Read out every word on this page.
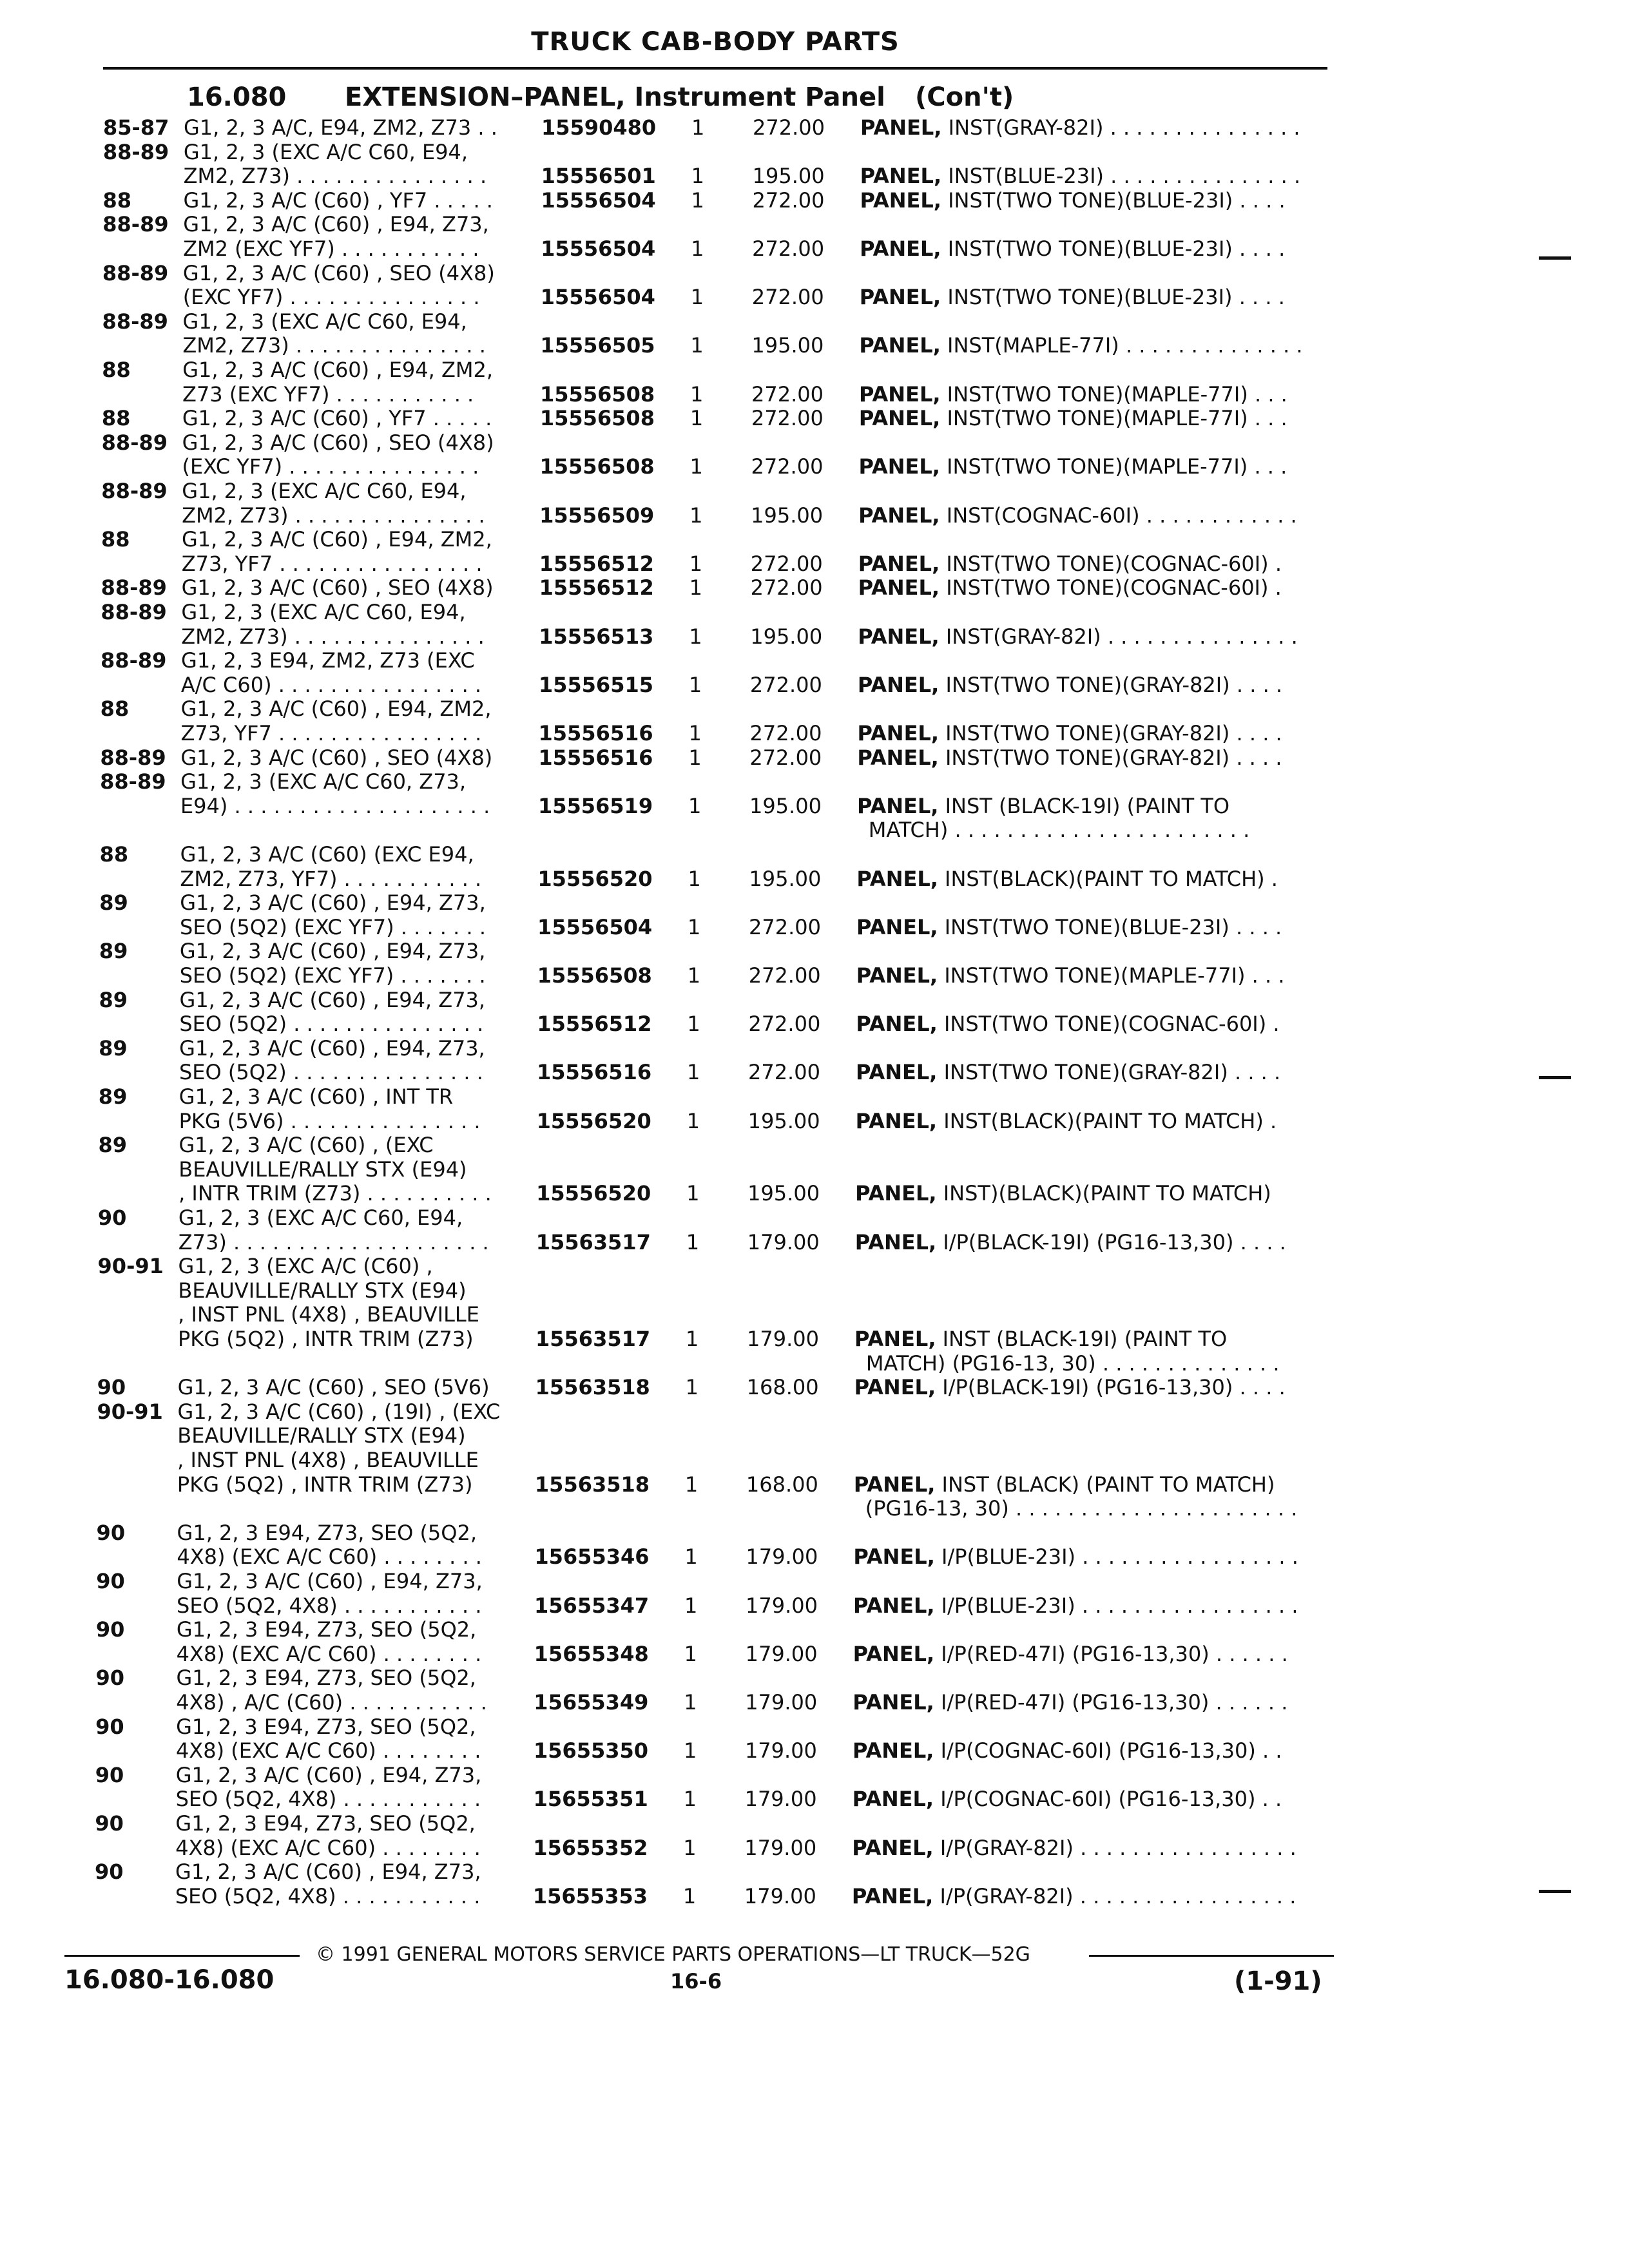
TRUCK CAB-BODY PARTS
16.080 EXTENSION–PANEL, Instrument Panel (Con't)
85-87 G1, 2, 3 A/C, E94, ZM2, Z73 . . 15590480 1 272.00 PANEL, INST(GRAY-82I) . . . . . . . . . . . . . . .
88-89 G1, 2, 3 (EXC A/C C60, E94,
ZM2, Z73) . . . . . . . . . . . . . . .	15556501 1 195.00 PANEL, INST(BLUE-23I) . . . . . . . . . . . . . . .
88	G1, 2, 3 A/C (C60) , YF7 . . . . . 15556504 1 272.00 PANEL, INST(TWO TONE)(BLUE-23I) . . . .
88-89 G1, 2, 3 A/C (C60) , E94, Z73,
ZM2 (EXC YF7) . . . . . . . . . . .	15556504 1 272.00 PANEL, INST(TWO TONE)(BLUE-23I) . . . .
88-89 G1, 2, 3 A/C (C60) , SEO (4X8)
(EXC YF7) . . . . . . . . . . . . . . .	15556504 1 272.00 PANEL, INST(TWO TONE)(BLUE-23I) . . . .
88-89 G1, 2, 3 (EXC A/C C60, E94,
ZM2, Z73) . . . . . . . . . . . . . . .	15556505 1 195.00 PANEL, INST(MAPLE-77I) . . . . . . . . . . . . . .
88	G1, 2, 3 A/C (C60) , E94, ZM2,
Z73 (EXC YF7) . . . . . . . . . . .	15556508 1 272.00 PANEL, INST(TWO TONE)(MAPLE-77I) . . .
88	G1, 2, 3 A/C (C60) , YF7 . . . . . 15556508 1 272.00 PANEL, INST(TWO TONE)(MAPLE-77I) . . .
88-89 G1, 2, 3 A/C (C60) , SEO (4X8)
(EXC YF7) . . . . . . . . . . . . . . .	15556508 1 272.00 PANEL, INST(TWO TONE)(MAPLE-77I) . . .
88-89 G1, 2, 3 (EXC A/C C60, E94,
ZM2, Z73) . . . . . . . . . . . . . . .	15556509 1 195.00 PANEL, INST(COGNAC-60I) . . . . . . . . . . . .
88	G1, 2, 3 A/C (C60) , E94, ZM2,
Z73, YF7 . . . . . . . . . . . . . . . .	15556512 1 272.00 PANEL, INST(TWO TONE)(COGNAC-60I) .
88-89 G1, 2, 3 A/C (C60) , SEO (4X8) 15556512 1 272.00 PANEL, INST(TWO TONE)(COGNAC-60I) .
88-89 G1, 2, 3 (EXC A/C C60, E94,
ZM2, Z73) . . . . . . . . . . . . . . .	15556513 1 195.00 PANEL, INST(GRAY-82I) . . . . . . . . . . . . . . .
88-89 G1, 2, 3 E94, ZM2, Z73 (EXC
A/C C60) . . . . . . . . . . . . . . . .	15556515 1 272.00 PANEL, INST(TWO TONE)(GRAY-82I) . . . .
88	G1, 2, 3 A/C (C60) , E94, ZM2,
Z73, YF7 . . . . . . . . . . . . . . . .	15556516 1 272.00 PANEL, INST(TWO TONE)(GRAY-82I) . . . .
88-89 G1, 2, 3 A/C (C60) , SEO (4X8) 15556516 1 272.00 PANEL, INST(TWO TONE)(GRAY-82I) . . . .
88-89 G1, 2, 3 (EXC A/C C60, Z73,
E94) . . . . . . . . . . . . . . . . . . . . 15556519 1 195.00 PANEL, INST (BLACK-19I) (PAINT TO
MATCH) . . . . . . . . . . . . . . . . . . . . . . .
88	G1, 2, 3 A/C (C60) (EXC E94,
ZM2, Z73, YF7) . . . . . . . . . . .	15556520 1 195.00 PANEL, INST(BLACK)(PAINT TO MATCH) .
89	G1, 2, 3 A/C (C60) , E94, Z73,
SEO (5Q2) (EXC YF7) . . . . . . .	15556504 1 272.00 PANEL, INST(TWO TONE)(BLUE-23I) . . . .
89	G1, 2, 3 A/C (C60) , E94, Z73,
SEO (5Q2) (EXC YF7) . . . . . . .	15556508 1 272.00 PANEL, INST(TWO TONE)(MAPLE-77I) . . .
89	G1, 2, 3 A/C (C60) , E94, Z73,
SEO (5Q2) . . . . . . . . . . . . . . .	15556512 1 272.00 PANEL, INST(TWO TONE)(COGNAC-60I) .
89	G1, 2, 3 A/C (C60) , E94, Z73,
SEO (5Q2) . . . . . . . . . . . . . . .	15556516 1 272.00 PANEL, INST(TWO TONE)(GRAY-82I) . . . .
89	G1, 2, 3 A/C (C60) , INT TR
PKG (5V6) . . . . . . . . . . . . . . .	15556520 1 195.00 PANEL, INST(BLACK)(PAINT TO MATCH) .
89	G1, 2, 3 A/C (C60) , (EXC
BEAUVILLE/RALLY STX (E94)
, INTR TRIM (Z73) . . . . . . . . . . 15556520 1 195.00 PANEL, INST)(BLACK)(PAINT TO MATCH)
90	G1, 2, 3 (EXC A/C C60, E94,
Z73) . . . . . . . . . . . . . . . . . . . . 15563517 1 179.00 PANEL, I/P(BLACK-19I) (PG16-13,30) . . . .
90-91 G1, 2, 3 (EXC A/C (C60) ,
BEAUVILLE/RALLY STX (E94)
, INST PNL (4X8) , BEAUVILLE
PKG (5Q2) , INTR TRIM (Z73)	15563517 1 179.00 PANEL, INST (BLACK-19I) (PAINT TO
MATCH) (PG16-13, 30) . . . . . . . . . . . . . .
90	G1, 2, 3 A/C (C60) , SEO (5V6) 15563518 1 168.00 PANEL, I/P(BLACK-19I) (PG16-13,30) . . . .
90-91 G1, 2, 3 A/C (C60) , (19I) , (EXC
BEAUVILLE/RALLY STX (E94)
, INST PNL (4X8) , BEAUVILLE
PKG (5Q2) , INTR TRIM (Z73)	15563518 1 168.00 PANEL, INST (BLACK) (PAINT TO MATCH)
(PG16-13, 30) . . . . . . . . . . . . . . . . . . . . . .
90	G1, 2, 3 E94, Z73, SEO (5Q2,
4X8) (EXC A/C C60) . . . . . . . .	15655346 1 179.00 PANEL, I/P(BLUE-23I) . . . . . . . . . . . . . . . . .
90	G1, 2, 3 A/C (C60) , E94, Z73,
SEO (5Q2, 4X8) . . . . . . . . . . .	15655347 1 179.00 PANEL, I/P(BLUE-23I) . . . . . . . . . . . . . . . . .
90	G1, 2, 3 E94, Z73, SEO (5Q2,
4X8) (EXC A/C C60) . . . . . . . .	15655348 1 179.00 PANEL, I/P(RED-47I) (PG16-13,30) . . . . . .
90	G1, 2, 3 E94, Z73, SEO (5Q2,
4X8) , A/C (C60) . . . . . . . . . . . 15655349 1 179.00 PANEL, I/P(RED-47I) (PG16-13,30) . . . . . .
90	G1, 2, 3 E94, Z73, SEO (5Q2,
4X8) (EXC A/C C60) . . . . . . . .	15655350 1 179.00 PANEL, I/P(COGNAC-60I) (PG16-13,30) . .
90	G1, 2, 3 A/C (C60) , E94, Z73,
SEO (5Q2, 4X8) . . . . . . . . . . .	15655351 1 179.00 PANEL, I/P(COGNAC-60I) (PG16-13,30) . .
90	G1, 2, 3 E94, Z73, SEO (5Q2,
4X8) (EXC A/C C60) . . . . . . . .	15655352 1 179.00 PANEL, I/P(GRAY-82I) . . . . . . . . . . . . . . . . .
90	G1, 2, 3 A/C (C60) , E94, Z73,
SEO (5Q2, 4X8) . . . . . . . . . . .	15655353 1 179.00 PANEL, I/P(GRAY-82I) . . . . . . . . . . . . . . . . .
16.080-16.080
© 1991 GENERAL MOTORS SERVICE PARTS OPERATIONS—LT TRUCK—52G
16-6	(1-91)
